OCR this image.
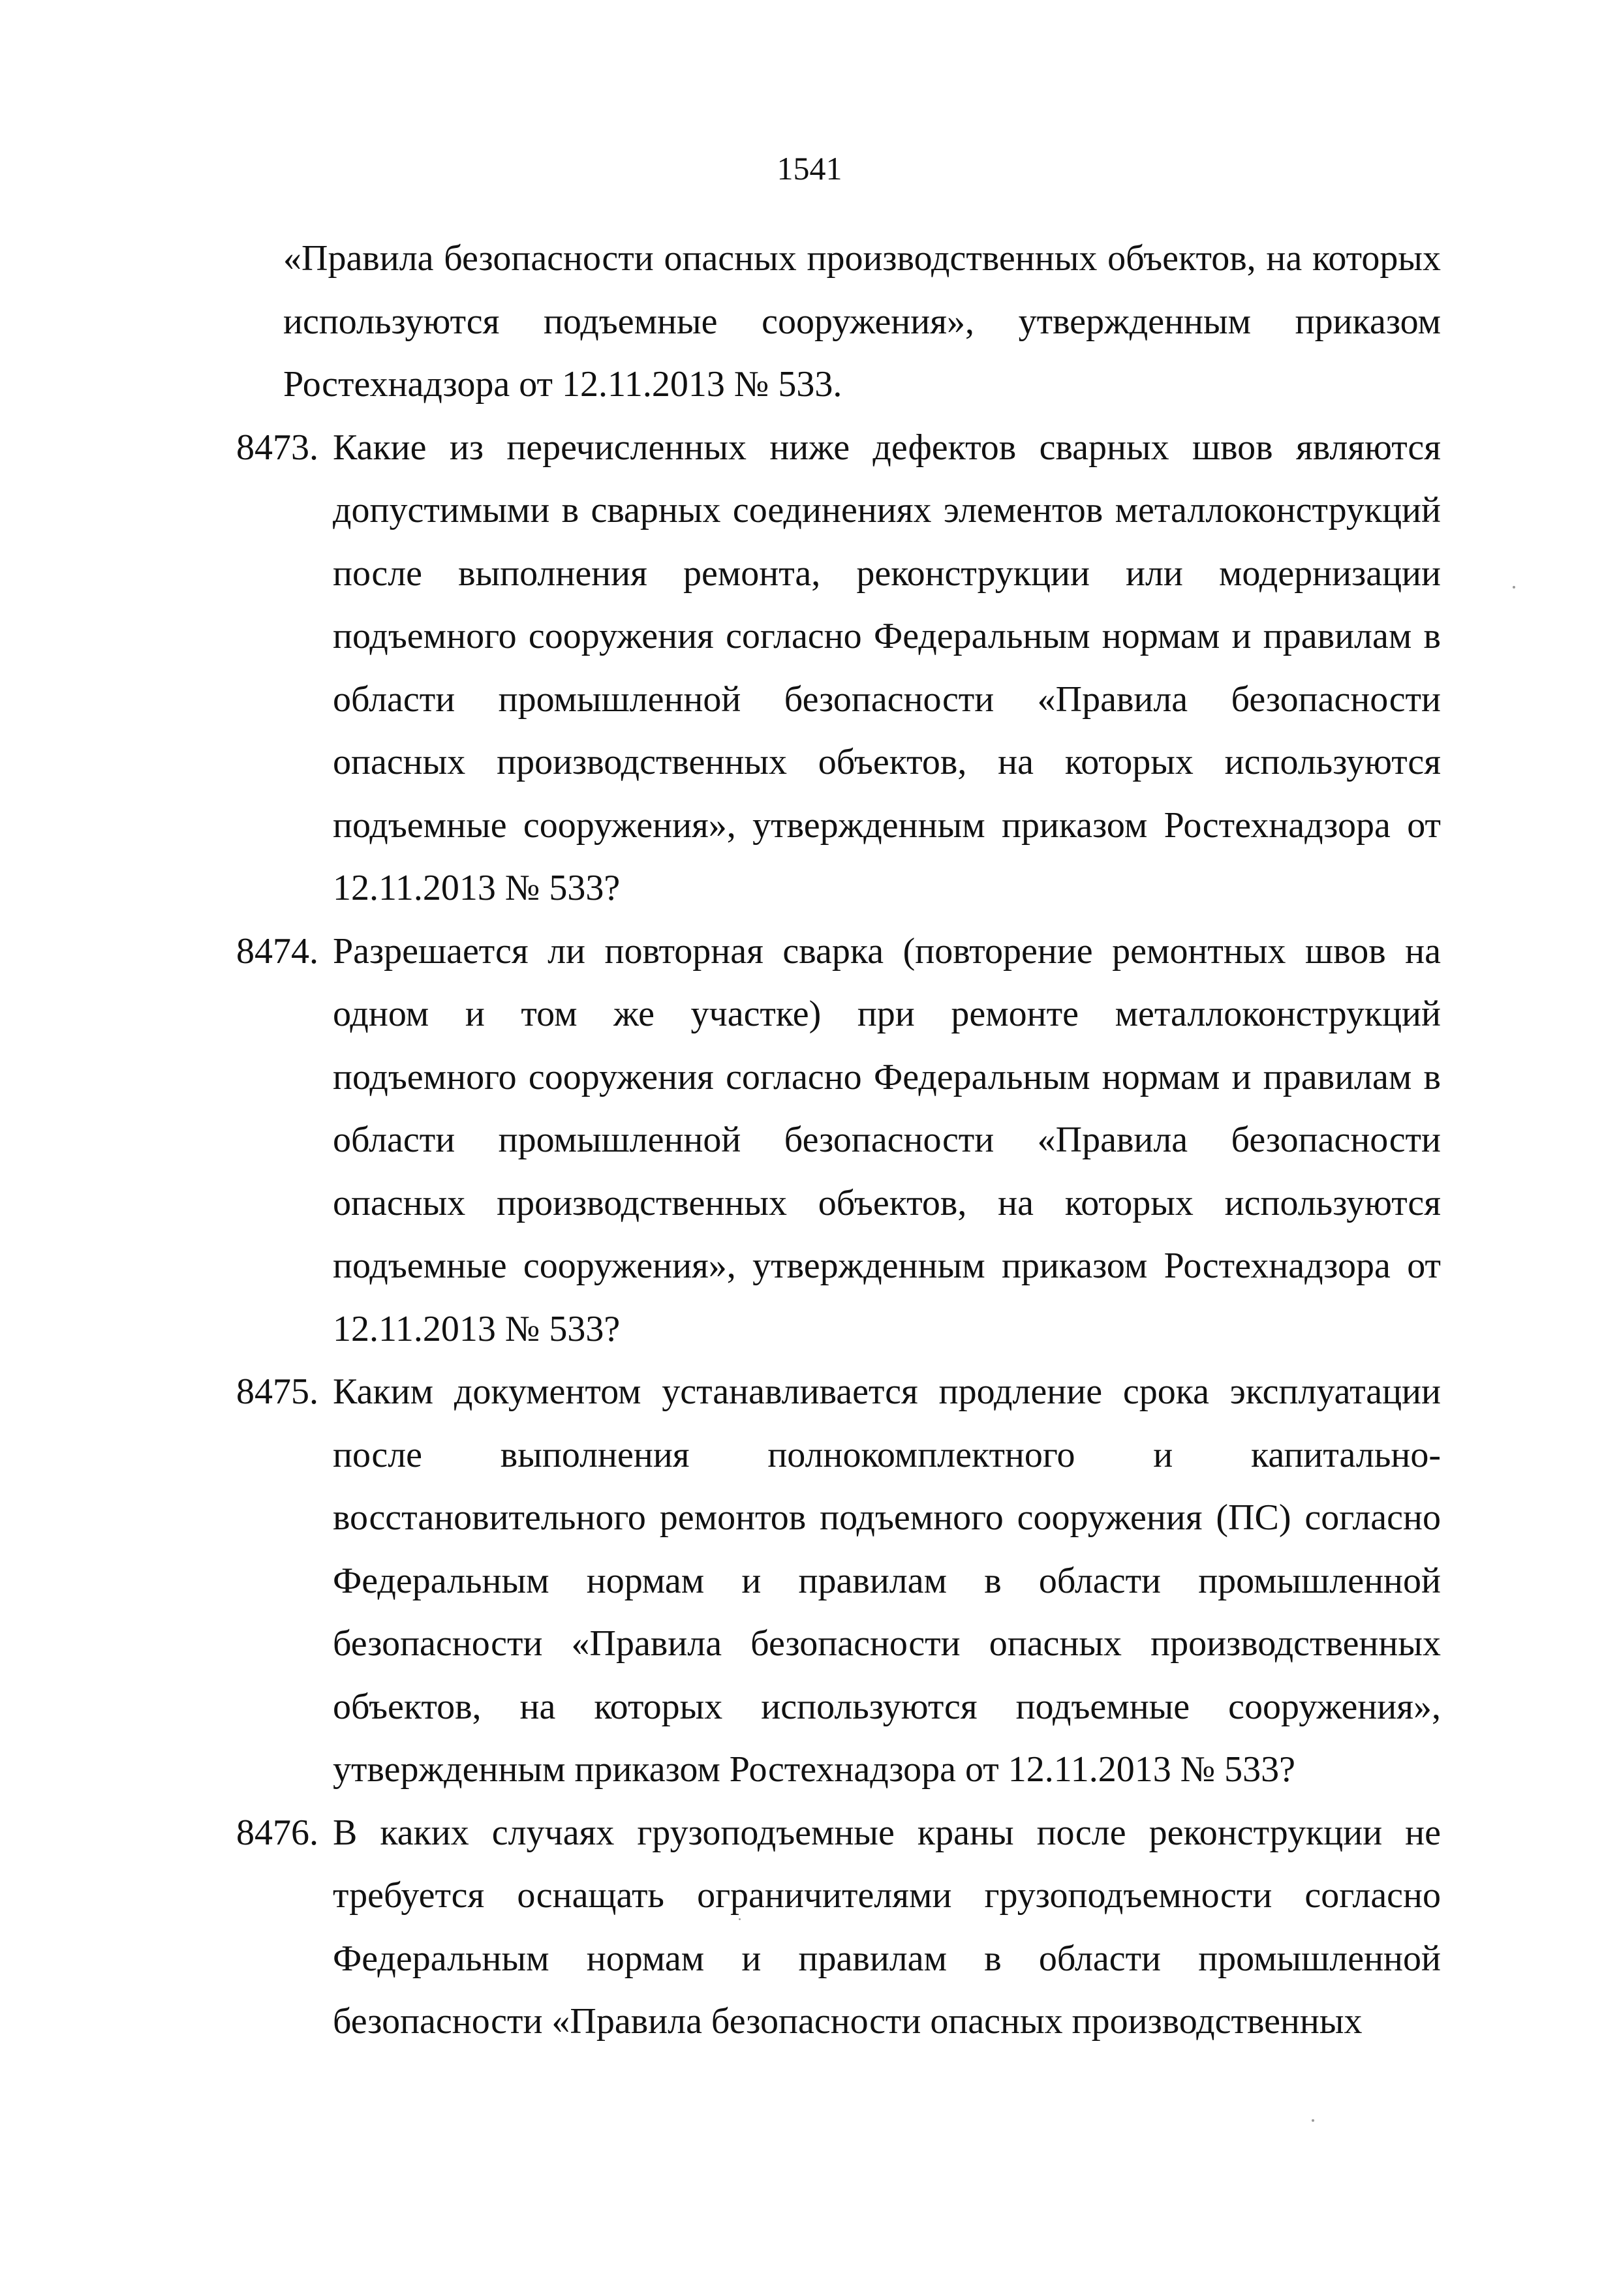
1541

«Правила безопасности опасных производственных объектов, на которых используются подъемные сооружения», утвержденным приказом Ростехнадзора от 12.11.2013 № 533.

8473. Какие из перечисленных ниже дефектов сварных швов являются допустимыми в сварных соединениях элементов металлоконструкций после выполнения ремонта, реконструкции или модернизации подъемного сооружения согласно Федеральным нормам и правилам в области промышленной безопасности «Правила безопасности опасных производственных объектов, на которых используются подъемные сооружения», утвержденным приказом Ростехнадзора от 12.11.2013 № 533?

8474. Разрешается ли повторная сварка (повторение ремонтных швов на одном и том же участке) при ремонте металлоконструкций подъемного сооружения согласно Федеральным нормам и правилам в области промышленной безопасности «Правила безопасности опасных производственных объектов, на которых используются подъемные сооружения», утвержденным приказом Ростехнадзора от 12.11.2013 № 533?

8475. Каким документом устанавливается продление срока эксплуатации после выполнения полнокомплектного и капитально-восстановительного ремонтов подъемного сооружения (ПС) согласно Федеральным нормам и правилам в области промышленной безопасности «Правила безопасности опасных производственных объектов, на которых используются подъемные сооружения», утвержденным приказом Ростехнадзора от 12.11.2013 № 533?

8476. В каких случаях грузоподъемные краны после реконструкции не требуется оснащать ограничителями грузоподъемности согласно Федеральным нормам и правилам в области промышленной безопасности «Правила безопасности опасных производственных
